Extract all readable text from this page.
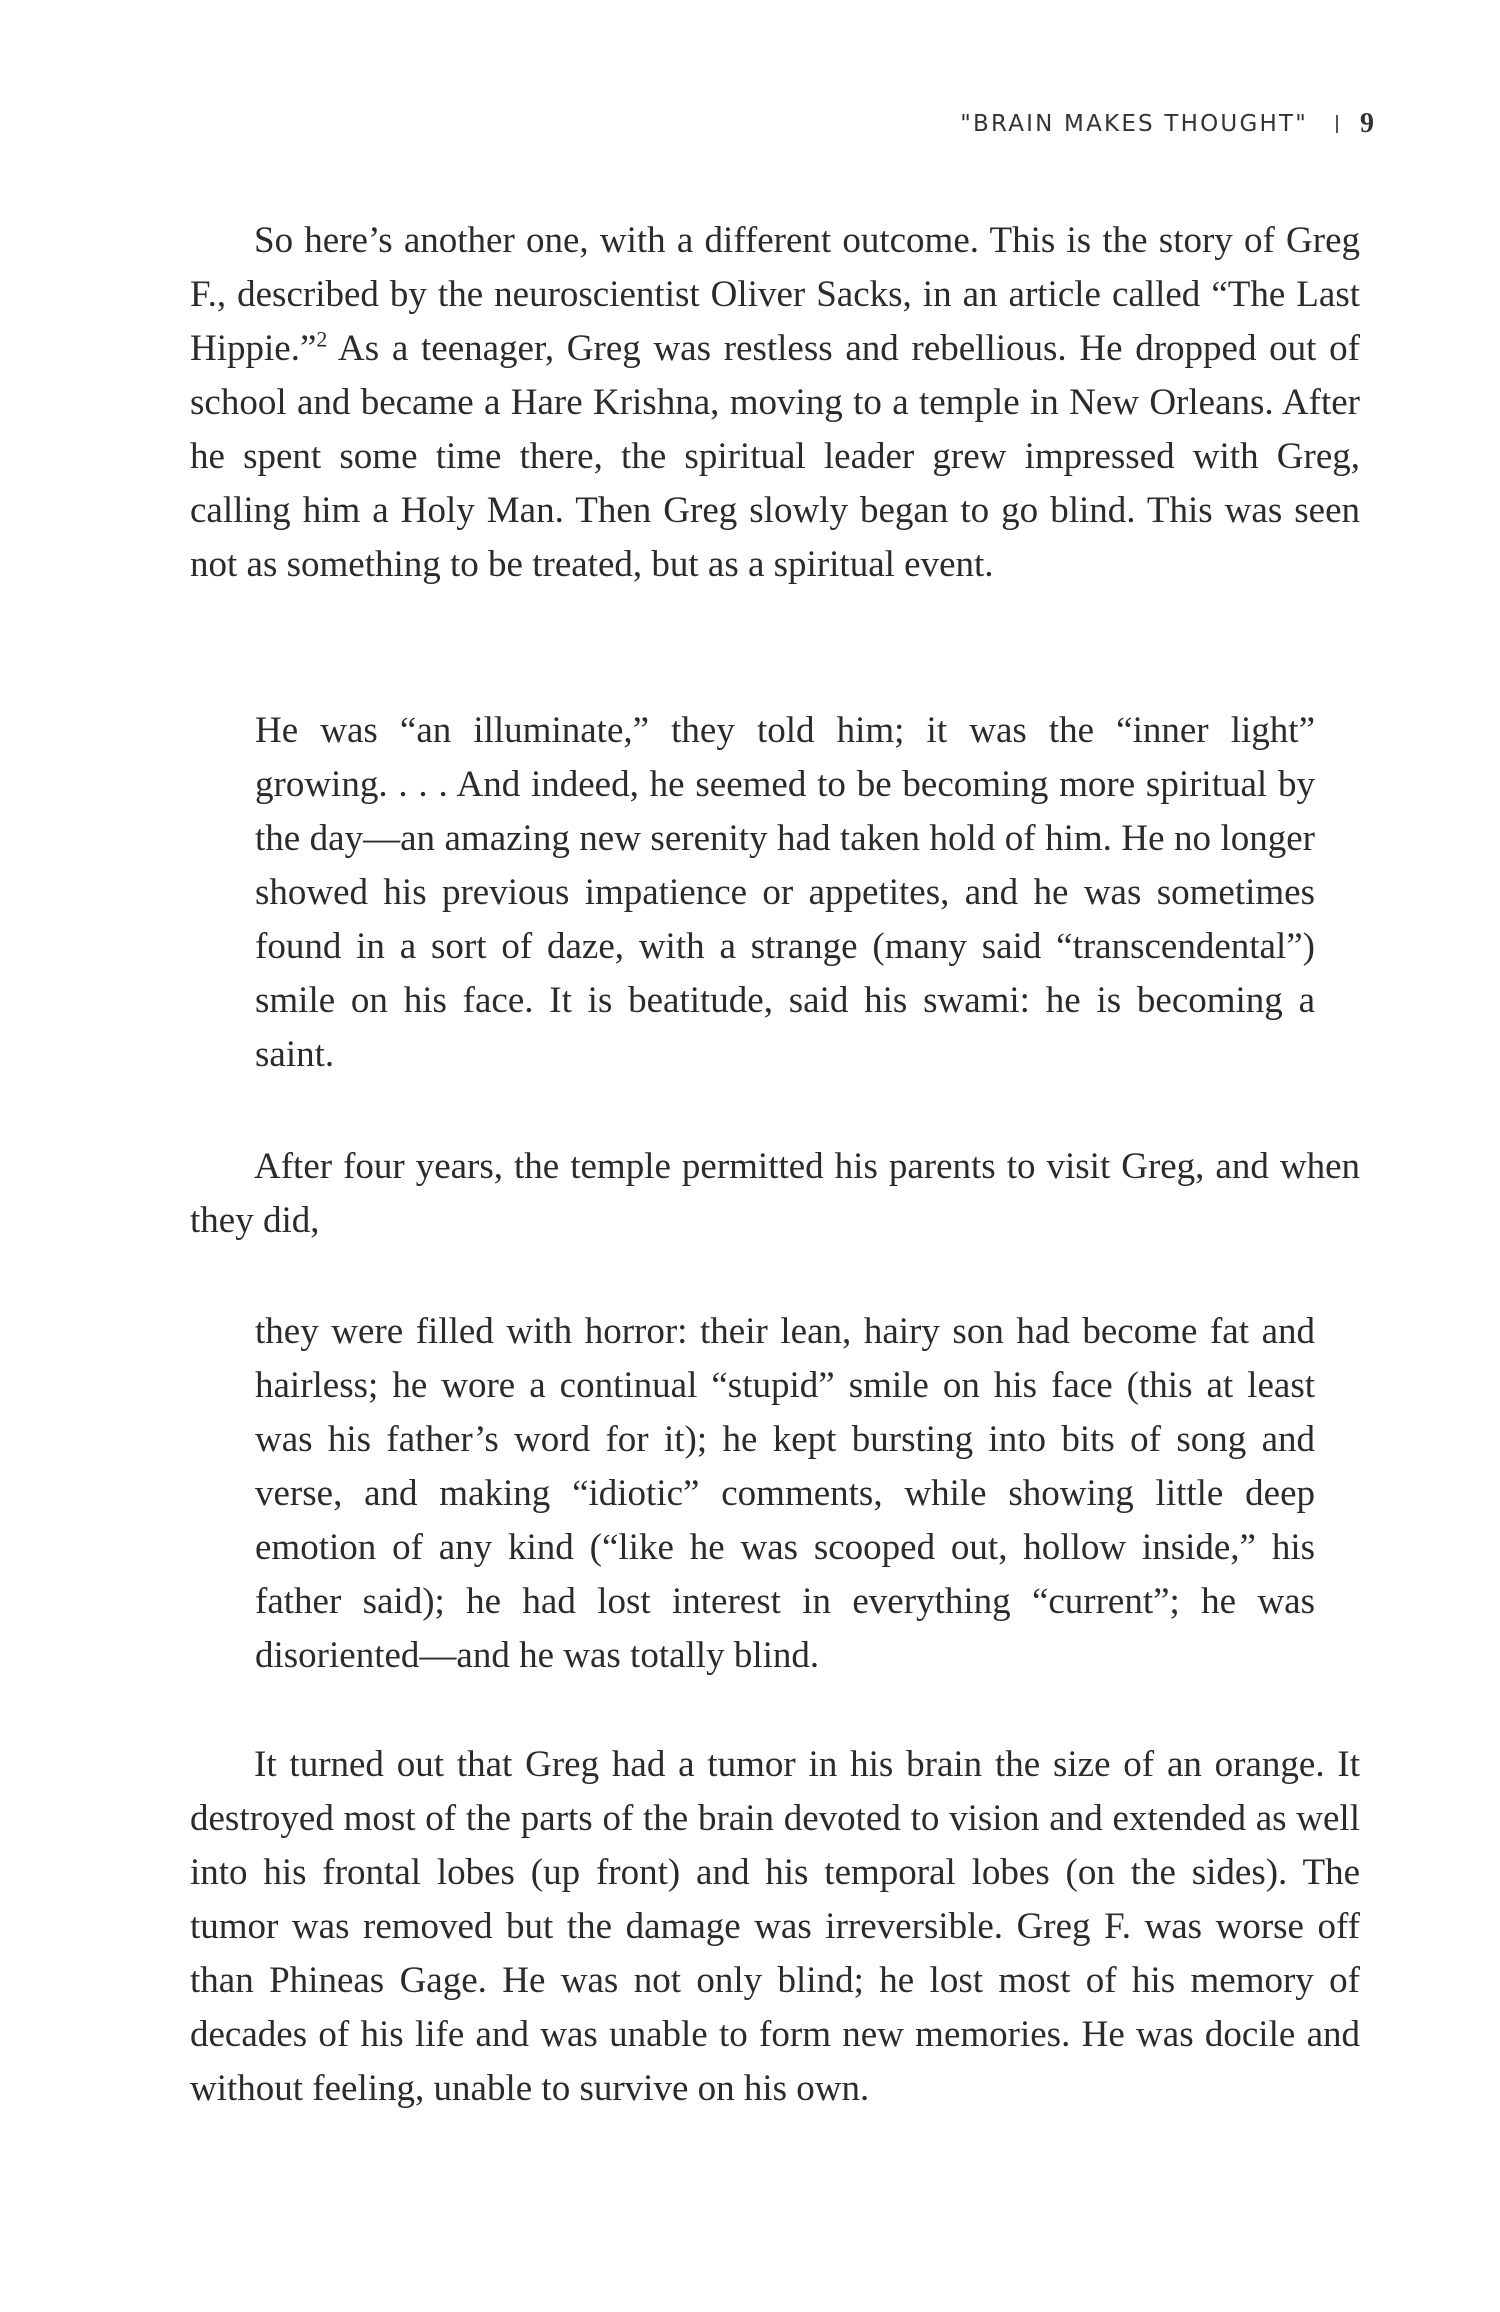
"BRAIN MAKES THOUGHT" 9

So here’s another one, with a different outcome. This is the story of Greg F., described by the neuroscientist Oliver Sacks, in an article called “The Last Hippie.”$^2$ As a teenager, Greg was restless and rebellious. He dropped out of school and became a Hare Krishna, moving to a temple in New Orleans. After he spent some time there, the spiritual leader grew impressed with Greg, calling him a Holy Man. Then Greg slowly began to go blind. This was seen not as something to be treated, but as a spiritual event.

He was “an illuminate,” they told him; it was the “inner light” growing. . . . And indeed, he seemed to be becoming more spiritual by the day—an amazing new serenity had taken hold of him. He no longer showed his previous impatience or appetites, and he was sometimes found in a sort of daze, with a strange (many said “transcendental”) smile on his face. It is beatitude, said his swami: he is becoming a saint.

After four years, the temple permitted his parents to visit Greg, and when they did,

they were filled with horror: their lean, hairy son had become fat and hairless; he wore a continual “stupid” smile on his face (this at least was his father’s word for it); he kept bursting into bits of song and verse, and making “idiotic” comments, while showing little deep emotion of any kind (“like he was scooped out, hollow inside,” his father said); he had lost interest in everything “current”; he was disoriented—and he was totally blind.

It turned out that Greg had a tumor in his brain the size of an orange. It destroyed most of the parts of the brain devoted to vision and extended as well into his frontal lobes (up front) and his temporal lobes (on the sides). The tumor was removed but the damage was irreversible. Greg F. was worse off than Phineas Gage. He was not only blind; he lost most of his memory of decades of his life and was unable to form new memories. He was docile and without feeling, unable to survive on his own.
